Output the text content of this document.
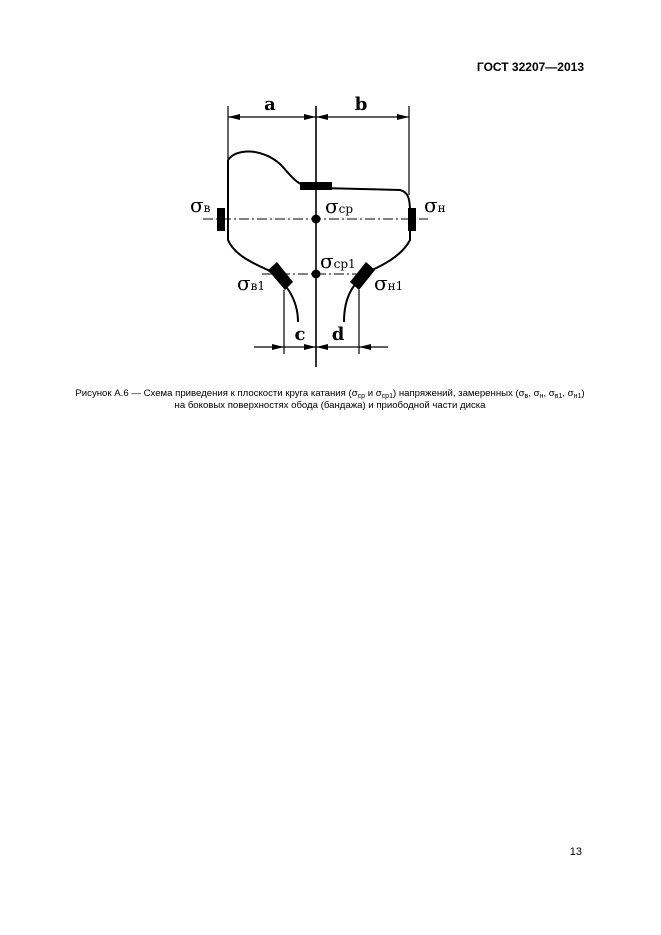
ГОСТ 32207—2013
a	b
σв	σн
σср
σср1
σв1	σн1
c d
Рисунок А.6 — Схема приведения к плоскости круга катания ($\sigma_{ср}$ и $\sigma_{ср1}$) напряжений, замеренных ($\sigma_в$, $\sigma_н$, $\sigma_{в1}$, $\sigma_{н1}$)
на боковых поверхностях обода (бандажа) и приободной части диска
13
